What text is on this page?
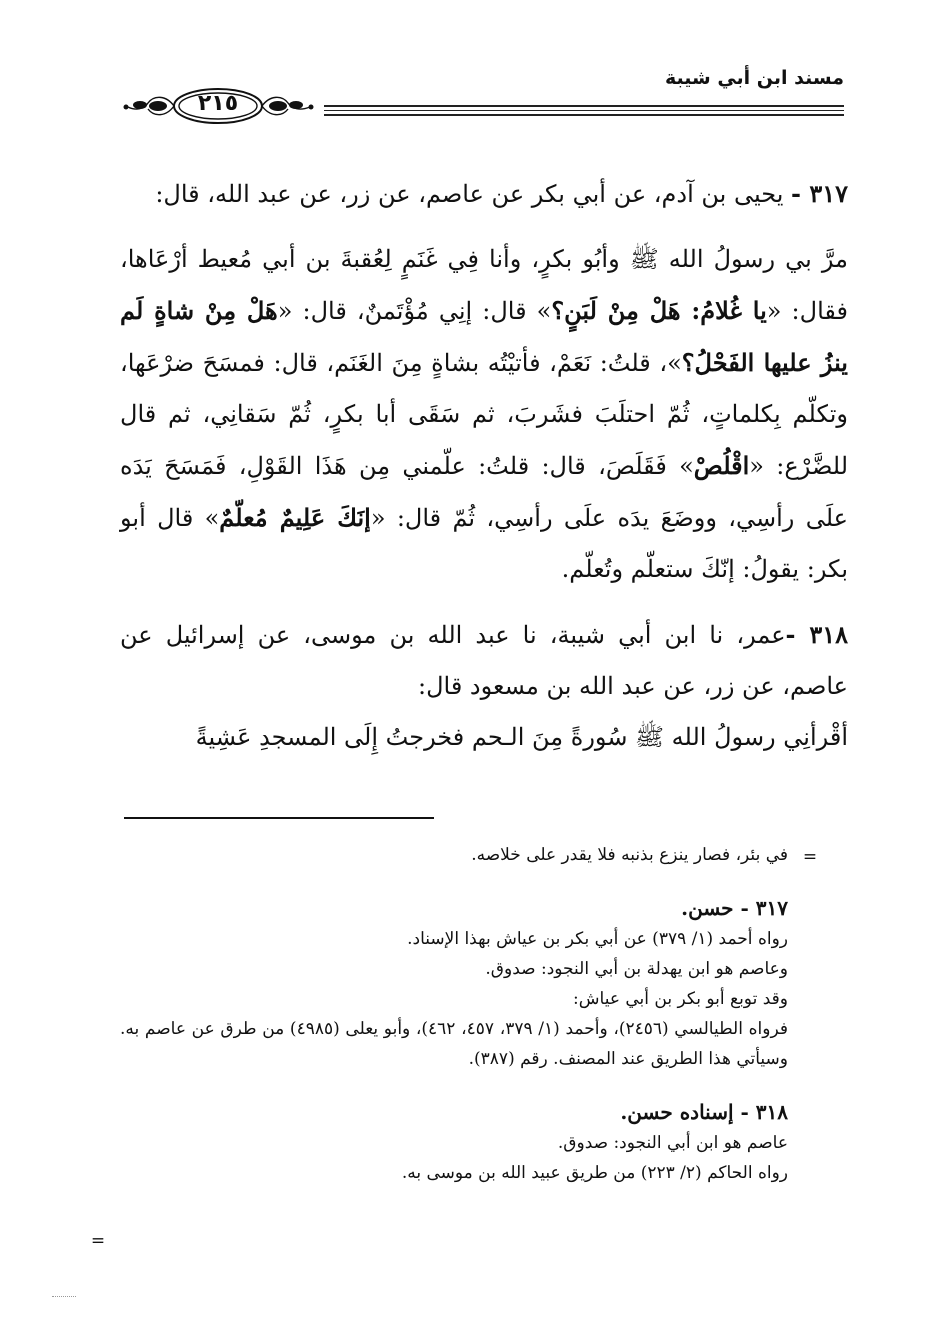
مسند ابن أبي شيبة
٢١٥

٣١٧ - يحيى بن آدم، عن أبي بكر عن عاصم، عن زر، عن عبد الله، قال:

مرَّ بي رسولُ الله ﷺ وأبُو بكرٍ، وأنا فِي غَنَمٍ لِعُقبةَ بن أبي مُعيط أرْعَاها، فقال: «يا غُلامُ: هَلْ مِنْ لَبَنٍ؟» قال: إنِي مُؤْتَمنٌ، قال: «هَلْ مِنْ شاةٍ لَم ينزُ عليها الفَحْلُ؟»، قلتُ: نَعَمْ، فأتيْتُه بشاةٍ مِنَ الغَنَم، قال: فمسَحَ ضرْعَها، وتكلّم بِكلماتٍ، ثُمّ احتلَبَ فشَربَ، ثم سَقَى أبا بكرٍ، ثُمّ سَقانِي، ثم قال للضَّرْع: «اقْلُصْ» فَقَلَصَ، قال: قلتُ: علّمني مِن هَذَا القَوْلِ، فَمَسَحَ يَدَه علَى رأسِي، ووضَعَ يدَه علَى رأسِي، ثُمّ قال: «إنَكَ عَلِيمٌ مُعلّمٌ» قال أبو بكر: يقولُ: إنّكَ ستعلّم وتُعلّم.

٣١٨ -عمر، نا ابن أبي شيبة، نا عبد الله بن موسى، عن إسرائيل عن عاصم، عن زر، عن عبد الله بن مسعود قال:

أقْرأنِي رسولُ الله ﷺ سُورةً مِنَ الـحم فخرجتُ إِلَى المسجدِ عَشِيةً

=

في بئر، فصار ينزع بذنبه فلا يقدر على خلاصه.

٣١٧ - حسن.

رواه أحمد (١/ ٣٧٩) عن أبي بكر بن عياش بهذا الإسناد.

وعاصم هو ابن يهدلة بن أبي النجود: صدوق.

وقد توبع أبو بكر بن أبي عياش:

فرواه الطيالسي (٢٤٥٦)، وأحمد (١/ ٣٧٩، ٤٥٧، ٤٦٢)، وأبو يعلى (٤٩٨٥) من طرق عن عاصم به. وسيأتي هذا الطريق عند المصنف. رقم (٣٨٧).

٣١٨ - إسناده حسن.

عاصم هو ابن أبي النجود: صدوق.

رواه الحاكم (٢/ ٢٢٣) من طريق عبيد الله بن موسى به.

=
